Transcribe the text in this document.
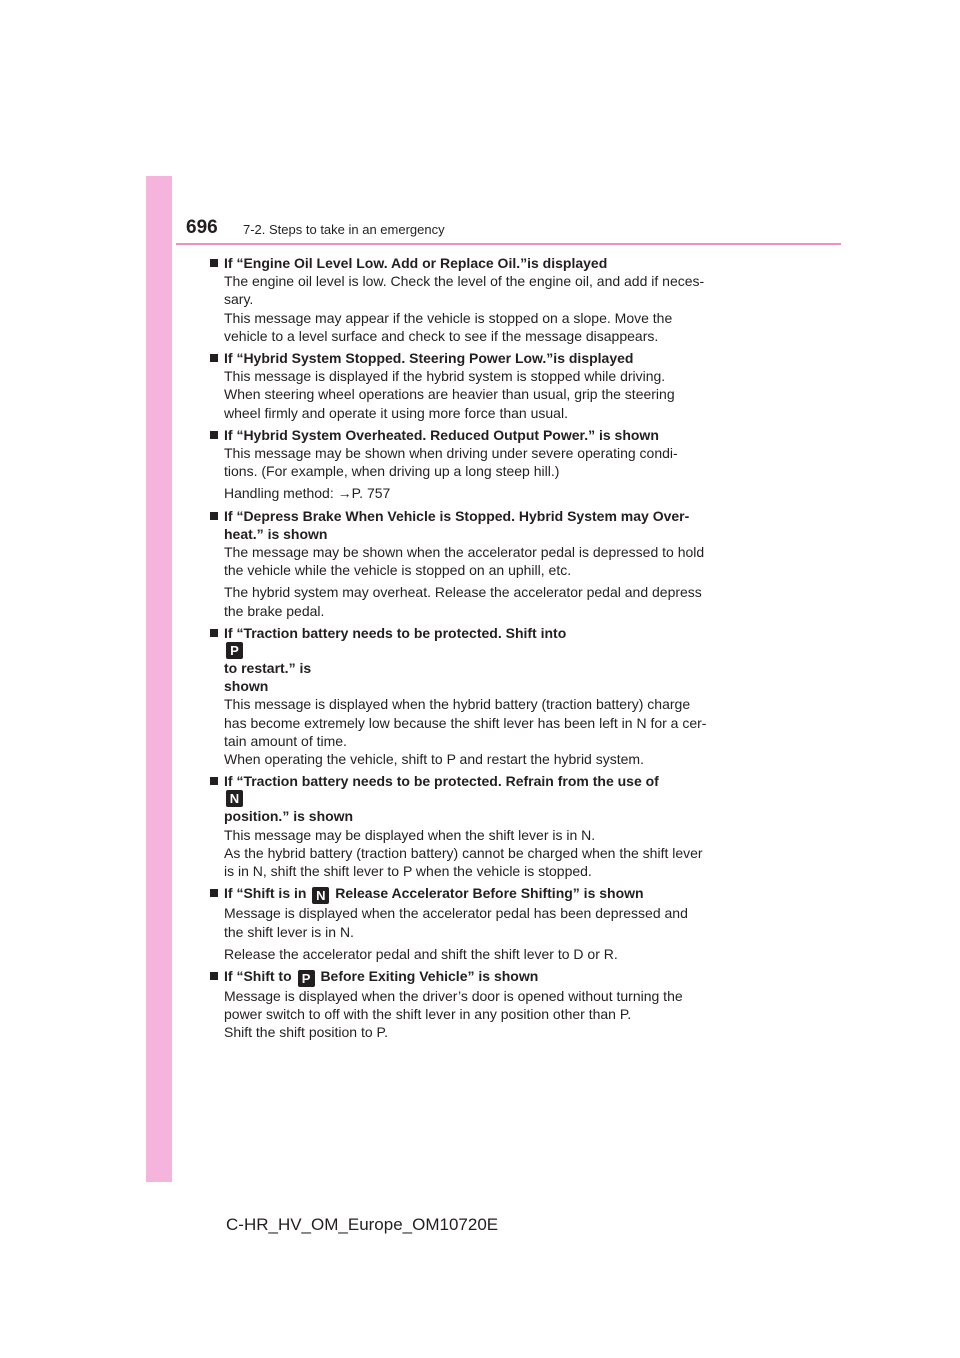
696 7-2. Steps to take in an emergency
If “Engine Oil Level Low. Add or Replace Oil.”is displayed

The engine oil level is low. Check the level of the engine oil, and add if neces-
sary.
This message may appear if the vehicle is stopped on a slope. Move the
vehicle to a level surface and check to see if the message disappears.

If “Hybrid System Stopped. Steering Power Low.”is displayed

This message is displayed if the hybrid system is stopped while driving.
When steering wheel operations are heavier than usual, grip the steering
wheel firmly and operate it using more force than usual.

If “Hybrid System Overheated. Reduced Output Power.” is shown

This message may be shown when driving under severe operating condi-
tions. (For example, when driving up a long steep hill.)

Handling method: →P. 757

If “Depress Brake When Vehicle is Stopped. Hybrid System may Over-
heat.” is shown

The message may be shown when the accelerator pedal is depressed to hold
the vehicle while the vehicle is stopped on an uphill, etc.

The hybrid system may overheat. Release the accelerator pedal and depress
the brake pedal.

If “Traction battery needs to be protected. Shift into
P
to restart.” is
shown

This message is displayed when the hybrid battery (traction battery) charge
has become extremely low because the shift lever has been left in N for a cer-
tain amount of time.
When operating the vehicle, shift to P and restart the hybrid system.

If “Traction battery needs to be protected. Refrain from the use of
N
position.” is shown

This message may be displayed when the shift lever is in N.
As the hybrid battery (traction battery) cannot be charged when the shift lever
is in N, shift the shift lever to P when the vehicle is stopped.

If “Shift is in N Release Accelerator Before Shifting” is shown

Message is displayed when the accelerator pedal has been depressed and
the shift lever is in N.

Release the accelerator pedal and shift the shift lever to D or R.

If “Shift to P Before Exiting Vehicle” is shown

Message is displayed when the driver’s door is opened without turning the
power switch to off with the shift lever in any position other than P.
Shift the shift position to P.

C-HR_HV_OM_Europe_OM10720E
